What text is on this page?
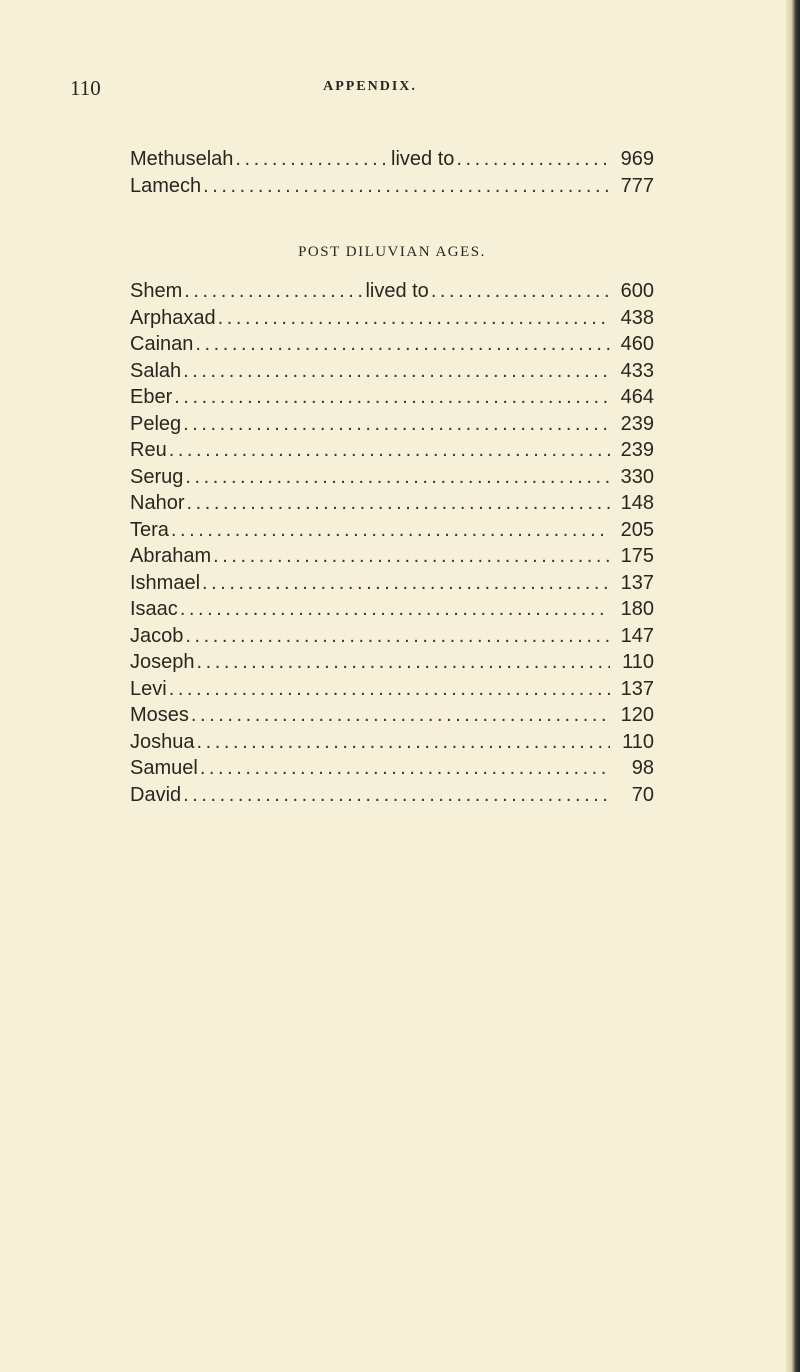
110	APPENDIX.
Methuselah . . .	lived to . . .	969
Lamech . . .	777
POST DILUVIAN AGES.
Shem . . .	lived to . . .	600
Arphaxad . . .	438
Cainan . . .	460
Salah . . .	433
Eber . . .	464
Peleg . . .	239
Reu . . .	239
Serug . . .	330
Nahor . . .	148
Tera . . .	205
Abraham . . .	175
Ishmael . . .	137
Isaac . . .	180
Jacob . . .	147
Joseph . . .	110
Levi . . .	137
Moses . . .	120
Joshua . . .	110
Samuel . . .	98
David . . .	70
